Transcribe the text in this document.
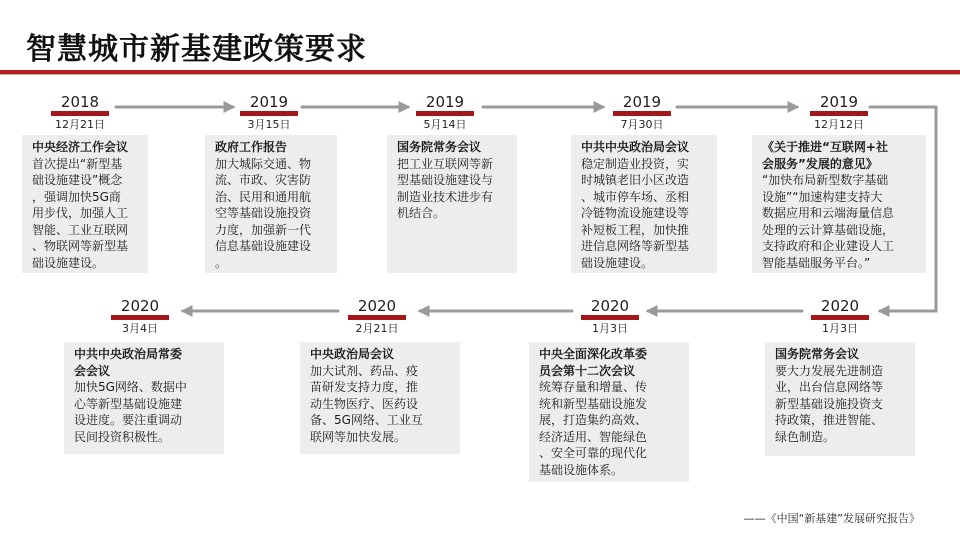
智慧城市新基建政策要求
2018
12月21日
中央经济工作会议
首次提出“新型基
础设施建设”概念
，强调加快5G商
用步伐，加强人工
智能、工业互联网
、物联网等新型基
础设施建设。
2019
3月15日
政府工作报告
加大城际交通、物
流、市政、灾害防
治、民用和通用航
空等基础设施投资
力度，加强新一代
信息基础设施建设
。
2019
5月14日
国务院常务会议
把工业互联网等新
型基础设施建设与
制造业技术进步有
机结合。
2019
7月30日
中共中央政治局会议
稳定制造业投资，实
时城镇老旧小区改造
、城市停车场、丞相
冷链物流设施建设等
补短板工程，加快推
进信息网络等新型基
础设施建设。
2019
12月12日
《关于推进“互联网+社
会服务”发展的意见》
“加快布局新型数字基础
设施”“加速构建支持大
数据应用和云端海量信息
处理的云计算基础设施，
支持政府和企业建设人工
智能基础服务平台。”
2020
1月3日
国务院常务会议
要大力发展先进制造
业，出台信息网络等
新型基础设施投资支
持政策，推进智能、
绿色制造。
2020
1月3日
中央全面深化改革委
员会第十二次会议
统筹存量和增量、传
统和新型基础设施发
展，打造集约高效、
经济适用、智能绿色
、安全可靠的现代化
基础设施体系。
2020
2月21日
中央政治局会议
加大试剂、药品、疫
苗研发支持力度，推
动生物医疗、医药设
备、5G网络、工业互
联网等加快发展。
2020
3月4日
中共中央政治局常委
会会议
加快5G网络、数据中
心等新型基础设施建
设进度。要注重调动
民间投资积极性。
——《中国“新基建”发展研究报告》
